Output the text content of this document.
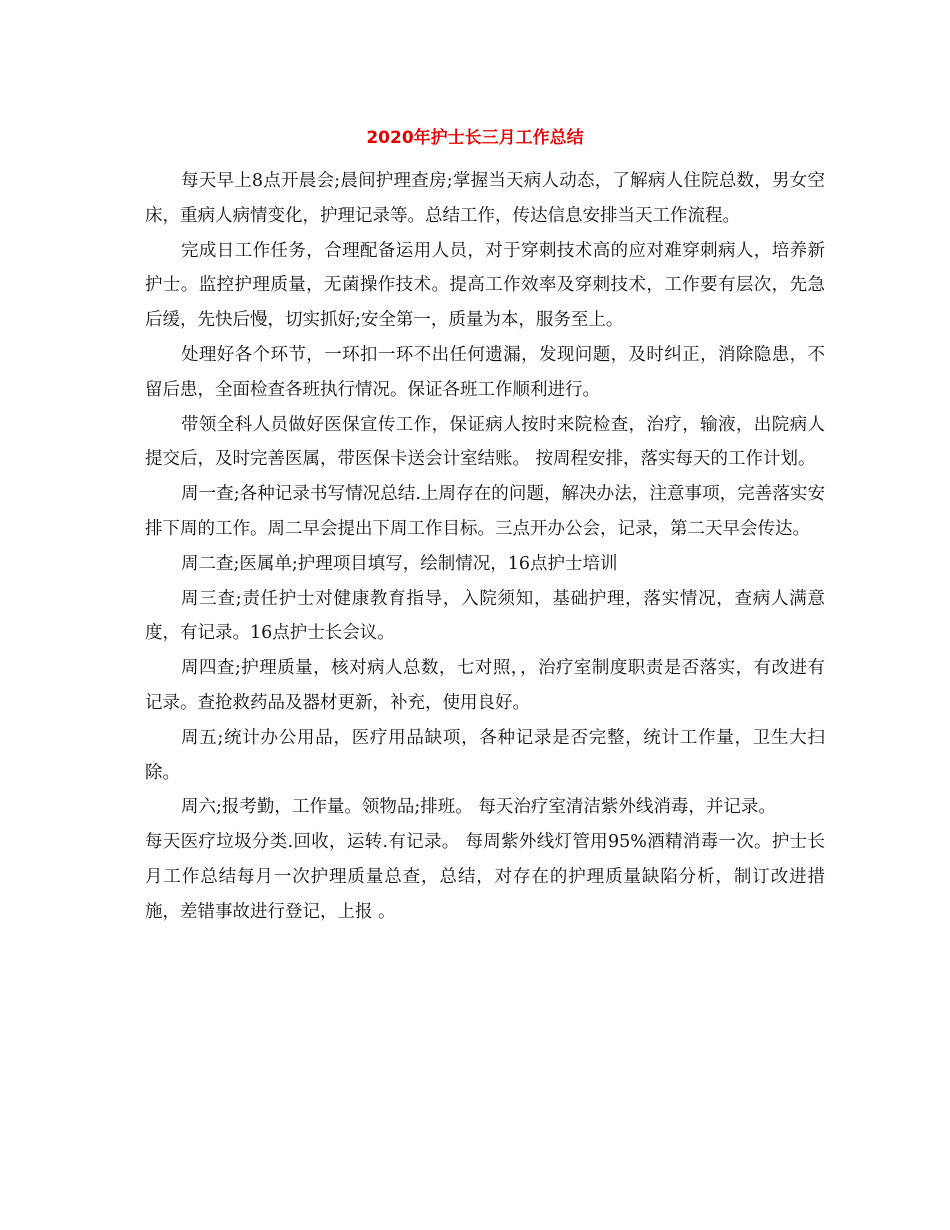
2020年护士长三月工作总结

每天早上8点开晨会;晨间护理查房;掌握当天病人动态，了解病人住院总数，男女空床，重病人病情变化，护理记录等。总结工作，传达信息安排当天工作流程。

完成日工作任务，合理配备运用人员，对于穿刺技术高的应对难穿刺病人，培养新护士。监控护理质量，无菌操作技术。提高工作效率及穿刺技术，工作要有层次，先急后缓，先快后慢，切实抓好;安全第一，质量为本，服务至上。

处理好各个环节，一环扣一环不出任何遗漏，发现问题，及时纠正，消除隐患，不留后患，全面检查各班执行情况。保证各班工作顺利进行。

带领全科人员做好医保宣传工作，保证病人按时来院检查，治疗，输液，出院病人提交后，及时完善医属，带医保卡送会计室结账。 按周程安排，落实每天的工作计划。

周一查;各种记录书写情况总结.上周存在的问题，解决办法，注意事项，完善落实安排下周的工作。周二早会提出下周工作目标。三点开办公会，记录，第二天早会传达。

周二查;医属单;护理项目填写，绘制情况，16点护士培训

周三查;责任护士对健康教育指导，入院须知，基础护理，落实情况，查病人满意度，有记录。16点护士长会议。

周四查;护理质量，核对病人总数，七对照，，治疗室制度职责是否落实，有改进有记录。查抢救药品及器材更新，补充，使用良好。

周五;统计办公用品，医疗用品缺项，各种记录是否完整，统计工作量，卫生大扫除。

周六;报考勤，工作量。领物品;排班。 每天治疗室清洁紫外线消毒，并记录。

每天医疗垃圾分类.回收，运转.有记录。 每周紫外线灯管用95%酒精消毒一次。护士长月工作总结每月一次护理质量总查，总结，对存在的护理质量缺陷分析，制订改进措施，差错事故进行登记，上报 。
